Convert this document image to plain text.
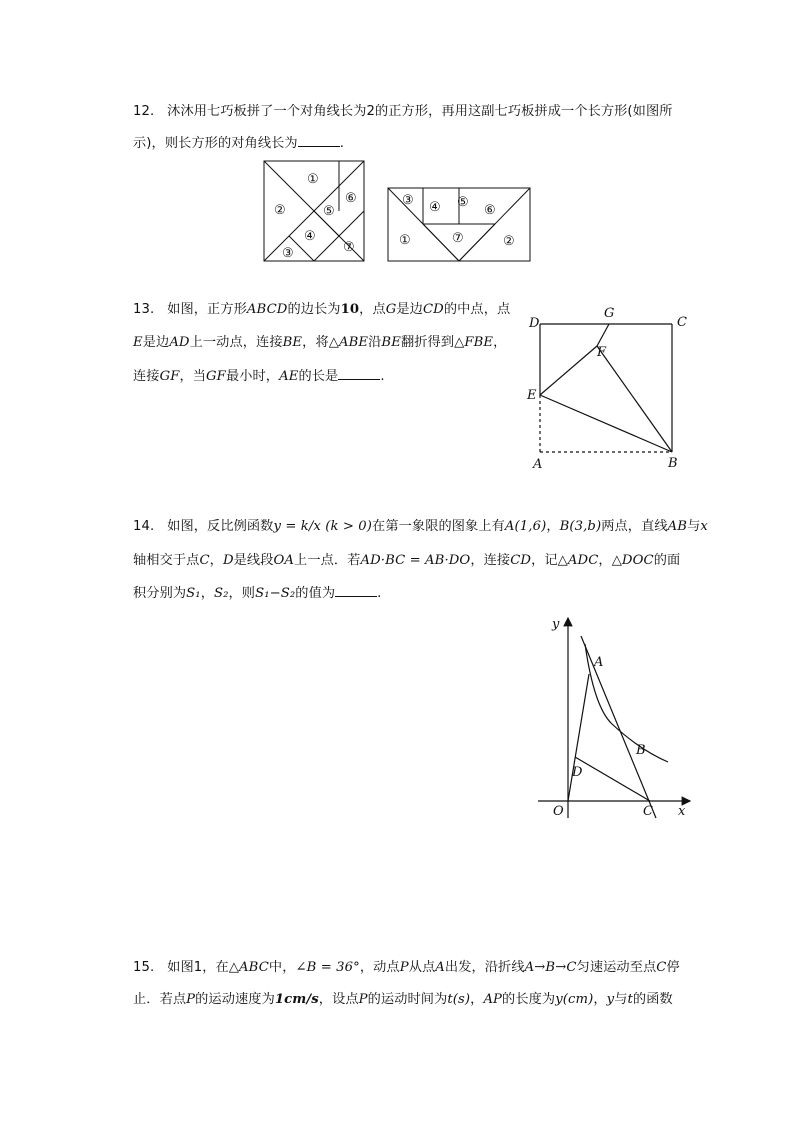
12. 沐沐用七巧板拼了一个对角线长为2的正方形，再用这副七巧板拼成一个长方形(如图所
示)，则长方形的对角线长为	.
①
②	⑤
⑥
④
⑦
③
③ ④ ⑤
⑥
①	⑦	②
13. 如图，正方形ABCD的边长为10，点G是边CD的中点，点
E是边AD上一动点，连接BE，将△ABE沿BE翻折得到△FBE，
连接GF，当GF最小时，AE的长是	.
D
G
C
F
E
A	B
14. 如图，反比例函数y = k/x (k > 0)在第一象限的图象上有A(1,6)，B(3,b)两点，直线AB与x
轴相交于点C，D是线段OA上一点．若AD·BC = AB·DO，连接CD，记△ADC，△DOC的面
积分别为S₁，S₂，则S₁−S₂的值为	.
y
A
B
D
O	C x
15. 如图1，在△ABC中，∠B = 36°，动点P从点A出发，沿折线A→B→C匀速运动至点C停
止．若点P的运动速度为1cm/s，设点P的运动时间为t(s)，AP的长度为y(cm)，y与t的函数
